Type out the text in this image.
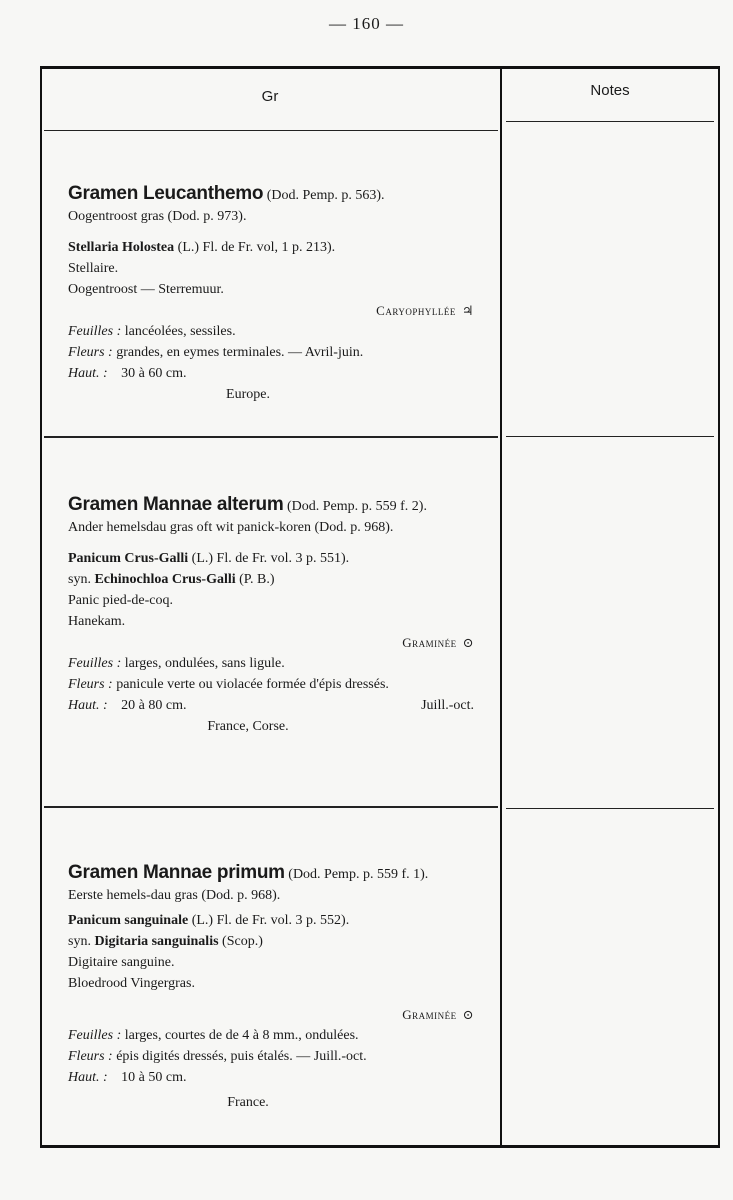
— 160 —
Gr	Notes
Gramen Leucanthemo (Dod. Pemp. p. 563).
Oogentroost gras (Dod. p. 973).
Stellaria Holostea (L.) Fl. de Fr. vol, 1 p. 213).
Stellaire.
Oogentroost — Sterremuur.
Caryophyllée ♃
Feuilles : lancéolées, sessiles.
Fleurs : grandes, en eymes terminales. — Avril-juin.
Haut. : 30 à 60 cm.
Europe.
Gramen Mannae alterum (Dod. Pemp. p. 559 f. 2).
Ander hemelsdau gras oft wit panick-koren (Dod. p. 968).
Panicum Crus-Galli (L.) Fl. de Fr. vol. 3 p. 551).
syn. Echinochloa Crus-Galli (P. B.)
Panic pied-de-coq.
Hanekam.
Graminée ⊙
Feuilles : larges, ondulées, sans ligule.
Fleurs : panicule verte ou violacée formée d'épis dressés.
Haut. : 20 à 80 cm.	Juill.-oct.
France, Corse.
Gramen Mannae primum (Dod. Pemp. p. 559 f. 1).
Eerste hemels-dau gras (Dod. p. 968).
Panicum sanguinale (L.) Fl. de Fr. vol. 3 p. 552).
syn. Digitaria sanguinalis (Scop.)
Digitaire sanguine.
Bloedrood Vingergras.
Graminée ⊙
Feuilles : larges, courtes de de 4 à 8 mm., ondulées.
Fleurs : épis digités dressés, puis étalés. — Juill.-oct.
Haut. : 10 à 50 cm.
France.
